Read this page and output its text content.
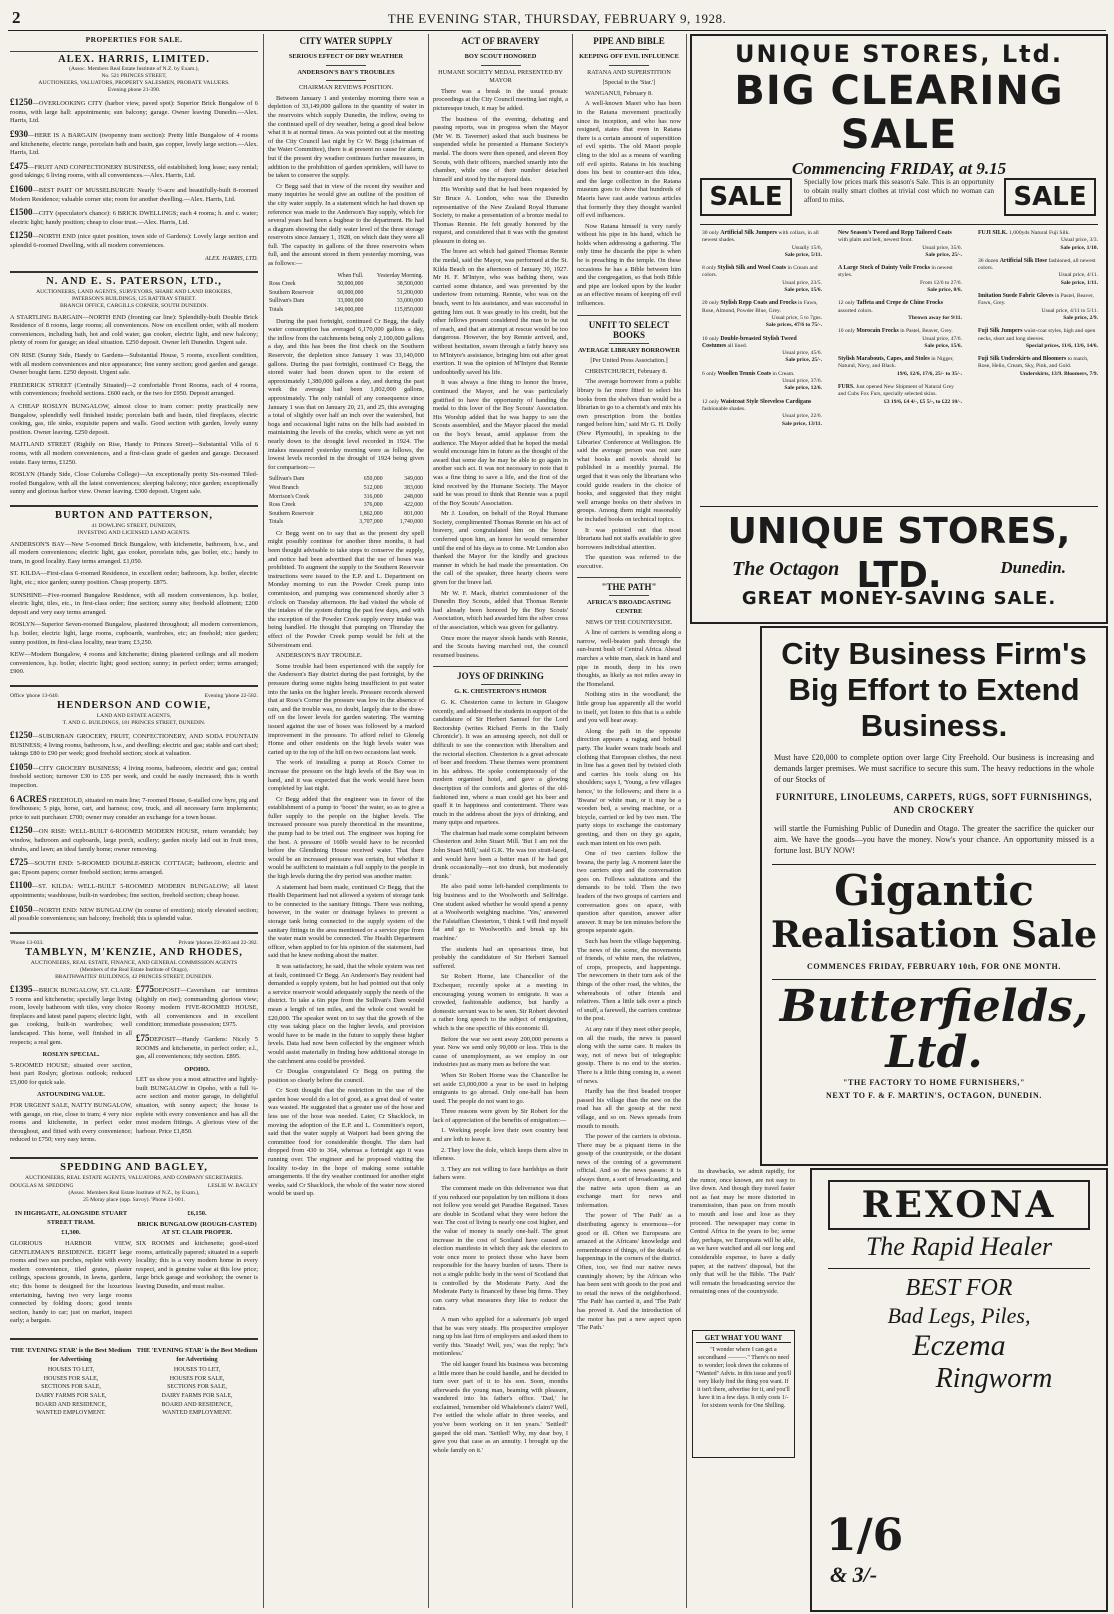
2	THE EVENING STAR, THURSDAY, FEBRUARY 9, 1928.
PROPERTIES FOR SALE.
ALEX. HARRIS, LIMITED.
(Assoc. Members Real Estate Institute of N.Z. by Exam.),
No. 521 PRINCES STREET,
AUCTIONEERS, VALUATORS, PROPERTY SALESMEN, PROBATE VALUERS.
Evening phone 21-390.
£1250—OVERLOOKING CITY (harbor view, paved spot): Superior Brick Bungalow of 6 rooms, with large hall: appointments; sun balcony; garage. Owner leaving Dunedin.—Alex. Harris, Ltd.
£930—HERE IS A BARGAIN (twopenny tram section): Pretty little Bungalow of 4 rooms and kitchenette, electric range, porcelain bath and basin, gas copper, lovely large section.—Alex. Harris, Ltd.
£475—FRUIT AND CONFECTIONERY BUSINESS, old established; long lease; easy rental; good takings; 6 living rooms, with all conveniences.—Alex. Harris, Ltd.
£1600—BEST PART OF MUSSELBURGH: Nearly ½-acre and beautifully-built 8-roomed Modern Residence; valuable corner site; room for another dwelling.—Alex. Harris, Ltd.
£1500—CITY (speculator's chance): 6 BRICK DWELLINGS; each 4 rooms; h. and c. water; electric light; handy position; cheap to close trust.—Alex. Harris, Ltd.
£1250—NORTH END (nice quiet position, town side of Gardens): Lovely large section and splendid 6-roomed Dwelling, with all modern conveniences.
ALEX. HARRIS, LTD.
N. AND E. S. PATERSON, LTD.,
AUCTIONEERS, LAND AGENTS, SURVEYORS, SHARE AND LAND BROKERS,
PATERSON'S BUILDINGS, 125 RATTRAY STREET.
BRANCH OFFICE, CARGILLS CORNER, SOUTH DUNEDIN.
A STARTLING BARGAIN—NORTH END (fronting car line): Splendidly-built Double Brick Residence of 8 rooms, large rooms; all conveniences. Now on excellent order, with all modern conveniences, including bath, hot and cold water, gas cooker, electric light, and new balcony; plenty of room for garage; an ideal situation. £250 deposit. Owner left Dunedin. Urgent sale.
ON RISE (Sunny Side, Handy to Gardens—Substantial House, 5 rooms, excellent condition, with all modern conveniences and nice appearance; fine sunny section; good garden and garage. Owner bought farm. £250 deposit. Urgent sale.
FREDERICK STREET (Centrally Situated)—2 comfortable Front Rooms, each of 4 rooms, with conveniences; freehold sections. £600 each, or the two for £950. Deposit arranged.
A CHEAP ROSLYN BUNGALOW, almost close to tram corner: pretty practically new Bungalow, splendidly well finished inside; porcelain bath and basin, tiled fireplaces, electric cooking, gas, tile sinks, exquisite papers and walls. Good section with garden, lovely sunny position. Owner leaving. £250 deposit.
MAITLAND STREET (Rightly on Rise, Handy to Princes Street)—Substantial Villa of 6 rooms, with all modern conveniences, and a first-class grade of garden and garage. Deceased estate. Easy terms, £1250.
ROSLYN (Handy Side, Close Columba College)—An exceptionally pretty Six-roomed Tiled-roofed Bungalow, with all the latest conveniences; sleeping balcony; nice garden; exceptionally sunny and glorious harbor view. Owner leaving. £300 deposit. Urgent sale.
BURTON AND PATTERSON,
41 DOWLING STREET, DUNEDIN,
INVESTING AND LICENSED LAND AGENTS.
ANDERSON'S BAY—New 5-roomed Brick Bungalow, with kitchenette, bathroom, h.w., and all modern conveniences; electric light, gas cooker, porcelain tubs, gas boiler, etc.; handy to tram, in good locality. Easy terms arranged. £1,050.
ST. KILDA—First-class 6-roomed Residence, in excellent order; bathroom, h.p. boiler, electric light, etc.; nice garden; sunny position. Cheap property. £875.
SUNSHINE—Five-roomed Bungalow Residence, with all modern conveniences, h.p. boiler, electric light, tiles, etc., in first-class order; fine section; sunny site; freehold allotment; £200 deposit and very easy terms arranged.
ROSLYN—Superior Seven-roomed Bungalow, plastered throughout; all modern conveniences, h.p. boiler, electric light, large rooms, cupboards, wardrobes, etc; an freehold; nice garden; sunny position, in first-class locality, near tram; £3,250.
KEW—Modern Bungalow, 4 rooms and kitchenette; dining plastered ceilings and all modern conveniences, h.p. boiler, electric light; good section; sunny; in perfect order; terms arranged; £900.
Office 'phone 13-640.	Evening 'phone 22-582.
HENDERSON AND COWIE,
LAND AND ESTATE AGENTS,
T. AND G. BUILDINGS, 181 PRINCES STREET, DUNEDIN.
£1250—SUBURBAN GROCERY, FRUIT, CONFECTIONERY, AND SODA FOUNTAIN BUSINESS; 4 living rooms, bathroom, h.w., and dwelling; electric and gas; stable and cart shed; takings £80 to £90 per week; good freehold section; stock at valuation.
£1050—CITY GROCERY BUSINESS; 4 living rooms, bathroom, electric and gas; central freehold section; turnover £30 to £35 per week, and could be easily increased; this is worth inspection.
6 ACRES FREEHOLD, situated on main line; 7-roomed House, 6-stalled cow byre, pig and fowlhouses; 5 pigs, horse, cart, and harness; cow, truck, and all necessary farm implements; price to suit purchaser. £700; owner may consider an exchange for a town house.
£1250—ON RISE: WELL-BUILT 6-ROOMED MODERN HOUSE, return verandah; bay window, bathroom and cupboards, large porch, scullery; garden nicely laid out in fruit trees, shrubs, and lawn; an ideal family home; owner removing.
£725—SOUTH END: 5-ROOMED DOUBLE-BRICK COTTAGE; bathroom, electric and gas; Epsom papers; corner freehold section; terms arranged.
£1100—ST. KILDA: WELL-BUILT 5-ROOMED MODERN BUNGALOW; all latest appointments; washhouse, built-in wardrobes; fine section, freehold section; cheap house.
£1050—NORTH END: NEW BUNGALOW (in course of erection); nicely elevated section; all possible conveniences; sun balcony; freehold; this is splendid value.
'Phone 13-033.	Private 'phones 22-463 and 22-382.
TAMBLYN, M'KENZIE, AND RHODES,
AUCTIONEERS, REAL ESTATE, FINANCE, AND GENERAL COMMISSION AGENTS
(Members of the Real Estate Institute of Otago),
BRAITHWAITES' BUILDINGS, 42 PRINCES STREET, DUNEDIN.
£1395—BRICK BUNGALOW, ST. CLAIR: 5 rooms and kitchenette; specially large living room, lovely bathroom with tiles, very choice fireplaces and latest panel papers; electric light, gas cooking, built-in wardrobes; well landscaped. This home, well finished in all respects; a real gem.
ROSLYN SPECIAL.
5-ROOMED HOUSE; situated over section, best part Roslyn; glorious outlook; reduced £5,000 for quick sale.
ASTOUNDING VALUE.
FOR URGENT SALE, NATTY BUNGALOW, with garage, on rise, close to tram; 4 very nice rooms and kitchenette, in perfect order throughout, and fitted with every convenience; reduced to £750; very easy terms.
£775DEPOSIT—Caversham car terminus (slightly on rise); commanding glorious view; Roomy modern FIVE-ROOMED HOUSE, with all conveniences and in excellent condition; immediate possession; £975.
£75DEPOSIT—Handy Gardens: Nicely 5 ROOMS and kitchenette, in perfect order; e.l., gas, all conveniences; tidy section. £895.
OPOHO.
LET us show you a most attractive and lightly-built BUNGALOW in Opoho, with a full ¼-acre section and motor garage, in delightful situation, with sunny aspect; the house is replete with every convenience and has all the most modern fittings. A glorious view of the harbour. Price £1,850.
SPEDDING AND BAGLEY,
AUCTIONEERS, REAL ESTATE AGENTS, VALUATORS, AND COMPANY SECRETARIES.
DOUGLAS M. SPEDDING	LESLIE W. BAGLEY
(Assoc. Members Real Estate Institute of N.Z., by Exam.),
25 Moray place (opp. Savoy). 'Phone 13-001.
IN HIGHGATE, ALONGSIDE STUART STREET TRAM.
£1,300.
GLORIOUS HARBOR VIEW, GENTLEMAN'S RESIDENCE. EIGHT large rooms and two sun porches, replete with every modern convenience, tiled grates, plaster ceilings, spacious grounds, in lawns, gardens, etc; this home is designed for the luxurious entertaining, having two very large rooms connected by folding doors; good tennis section, handy to car; just on market, inspect early; a bargain.
£6,150.
BRICK BUNGALOW (ROUGH-CASTED) AT ST. CLAIR PROPER.
SIX ROOMS and kitchenette; good-sized rooms, artistically papered; situated in a superb locality; this is a very modern home in every respect, and is genuine value at this low price; large brick garage and workshop; the owner is leaving Dunedin, and must realise.
THE 'EVENING STAR' is the Best Medium for Advertising
HOUSES TO LET,
HOUSES FOR SALE,
SECTIONS FOR SALE,
DAIRY FARMS FOR SALE,
BOARD AND RESIDENCE,
WANTED EMPLOYMENT.
THE 'EVENING STAR' is the Best Medium for Advertising
HOUSES TO LET,
HOUSES FOR SALE,
SECTIONS FOR SALE,
DAIRY FARMS FOR SALE,
BOARD AND RESIDENCE,
WANTED EMPLOYMENT.
CITY WATER SUPPLY
SERIOUS EFFECT OF DRY WEATHER
ANDERSON'S BAY'S TROUBLES
CHAIRMAN REVIEWS POSITION.

Between January 1 and yesterday morning there was a depletion of 33,149,000 gallons in the quantity of water in the reservoirs which supply Dunedin, the inflow, owing to the continued spell of dry weather, being a good deal below what it is at normal times. As was pointed out at the meeting of the City Council last night by Cr W. Begg (chairman of the Water Committee), there is at present no cause for alarm, but if the present dry weather continues further measures, in addition to the prohibition of garden sprinklers, will have to be taken to conserve the supply.

Cr Begg said that in view of the recent dry weather and many inquiries he would give an outline of the position of the city water supply. In a statement which he had drawn up reference was made to the Anderson's Bay supply, which for several years had been a bugbear to the department. He had a diagram showing the daily water level of the three storage reservoirs since January 1, 1928, on which date they were all full. The capacity in gallons of the three reservoirs when full, and the amount stored in them yesterday morning, was as follows:—

	When Full.	Yesterday Morning.
Ross Creek	50,000,000	38,500,000
Southern Reservoir	60,000,000	51,200,000
Sullivan's Dam	33,000,000	33,000,000
Totals	149,000,000	115,850,000

During the past fortnight, continued Cr Begg, the daily water consumption has averaged 6,170,000 gallons a day, the inflow from the catchments being only 2,100,000 gallons a day, and this has been the first check on the Southern Reservoir, the depletion since January 1 was 33,140,000 gallons. During the past fortnight, continued Cr Begg, the stored water had been drawn upon to the extent of approximately 1,380,000 gallons a day, and during the past week the average had been 1,802,000 gallons, approximately. The only rainfall of any consequence since January 1 was that on January 20, 21, and 25, this averaging a total of slightly over half an inch over the watershed, but bogs and occasional light rains on the hills had assisted in maintaining the levels of the creeks, which were as yet not nearly down to the drought level recorded in 1924. The intakes measured yesterday morning were as follows, the lowest levels recorded in the drought of 1924 being given for comparison:—

Sullivan's Dam	650,000	349,000
West Branch	512,000	383,000
Morrison's Creek	316,000	248,000
Ross Creek	376,000	422,000
Southern Reservoir	1,862,000	801,000
Totals	3,707,000	1,740,000

Cr Begg went on to say that as the present dry spell might possibly continue for another three months, it had been thought advisable to take steps to conserve the supply, and notice had been advertised that the use of hoses was prohibited. To augment the supply to the Southern Reservoir instructions were issued to the E.P. and L. Department on Monday morning to run the Powder Creek pump into commission, and pumping was commenced shortly after 3 o'clock on Tuesday afternoon. He had visited the whole of the intakes of the system during the past few days, and with the exception of the Powder Creek supply every intake was being handled. He thought that pumping on Thursday the effect of the Powder Creek pump would be felt at the Silverstream end.

ANDERSON'S BAY TROUBLE.

Some trouble had been experienced with the supply for the Anderson's Bay district during the past fortnight, by the pressure during some nights being insufficient to put water into the tanks on the higher levels. Pressure records showed that at Ross's Corner the pressure was low in the absence of rain, and the trouble was, no doubt, largely due to the draw-off on the lower levels for garden watering. The warning issued against the use of hoses was followed by a marked improvement in the pressure. To afford relief to Glenelg Home and other residents on the high levels water was carted up to the top of the hill on two occasions last week.

The work of installing a pump at Ross's Corner to increase the pressure on the high levels of the Bay was in hand, and it was expected that the work would have been completed by last night.

Cr Begg added that the engineer was in favor of the establishment of a pump to ‘boost’ the water, so as to give a fuller supply to the people on the higher levels. The increased pressure was purely theoretical in the meantime, the pump had to be tried out. The engineer was hoping for the best. A pressure of 160lb would have to be recorded before the Glendining House received water. That there would be an increased pressure was certain, but whether it would be sufficient to maintain a full supply to the people in the high levels during the dry period was another matter.

A statement had been made, continued Cr Begg, that the Health Department had not allowed a system of storage tank to be connected to the sanitary fittings. There was nothing, however, in the water or drainage bylaws to prevent a storage tank being connected to the supply system of the sanitary fittings in the area mentioned or a service pipe from the water main would be connected. The Health Department officer, when applied to for his opinion of the statement, had said that he knew nothing about the matter.

It was satisfactory, he said, that the whole system was not at fault, continued Cr Begg. An Anderson's Bay resident had demanded a supply system, but he had pointed out that only a service reservoir would adequately supply the needs of the district. To take a 6in pipe from the Sullivan's Dam would mean a length of ten miles, and the whole cost would be £20,000. The speaker went on to say that the growth of the city was taking place on the higher levels, and provision would have to be made in the future to supply these higher levels. Data had now been collected by the engineer which would assist materially in finding how additional storage in the catchment area could be provided.

Cr Douglas congratulated Cr Begg on putting the position so clearly before the council.

Cr Scott thought that the restriction in the use of the garden hose would do a lot of good, as a great deal of water was wasted. He suggested that a greater use of the hose and less use of the hose was needed. Later, Cr Shacklock, in moving the adoption of the E.P. and L. Committee's report, said that the water supply at Waipori had been giving the committee food for considerable thought. The dam had dropped from 430 to 364, whereas a fortnight ago it was running over. The engineer and he proposed visiting the locality to-day in the hope of making some suitable arrangements. If the dry weather continued for another eight weeks, said Cr Shacklock, the whole of the water now stored would be used up.

ACT OF BRAVERY
BOY SCOUT HONORED
HUMANE SOCIETY MEDAL PRESENTED BY MAYOR

There was a break in the usual prosaic proceedings at the City Council meeting last night, a picturesque touch, it may be added.

The business of the evening, debating and passing reports, was in progress when the Mayor (Mr W. B. Taverner) asked that such business be suspended while he presented a Humane Society's medal. The doors were then opened, and eleven Boy Scouts, with their officers, marched smartly into the chamber, while one of their number detached himself and stood by the mayoral dais.

His Worship said that he had been requested by Sir Bruce A. London, who was the Dunedin representative of the New Zealand Royal Humane Society, to make a presentation of a bronze medal to Thomas Rennie. He felt greatly honored by the request, and considered that it was with the greatest pleasure in doing so.

The brave act which had gained Thomas Rennie the medal, said the Mayor, was performed at the St. Kilda Beach on the afternoon of January 30, 1927. Mr H. F. M'Intyre, who was bathing there, was carried some distance, and was prevented by the undertow from returning. Rennie, who was on the beach, went to his assistance, and was successful in getting him out. It was greatly to his credit, but the other fellows present considered the man to be out of reach, and that an attempt at rescue would be too dangerous. However, the boy Rennie arrived, and, without hesitation, swam through a fairly heavy sea to M'Intyre's assistance, bringing him out after great exertion. It was the opinion of M'Intyre that Rennie undoubtedly saved his life.

It was always a fine thing to honor the brave, continued the Mayor, and he was particularly gratified to have the opportunity of handing the medal to this lover of the Boy Scouts' Association. His Worship added that he was happy to see the Scouts assembled, and the Mayor placed the medal on the boy's breast, amid applause from the audience. The Mayor added that he hoped the medal would encourage him in future as the thought of the award that some day he may be able to go again in another such act. It was not necessary to note that it was a fine thing to save a life, and the first of the kind received by the Humane Society. The Mayor said he was proud to think that Rennie was a pupil of the Boy Scouts' Association.

Mr J. Loudon, on behalf of the Royal Humane Society, complimented Thomas Rennie on his act of bravery, and congratulated him on the honor conferred upon him, an honor he would remember until the end of his days as to come. Mr London also thanked the Mayor for the kindly and gracious manner in which he had made the presentation. On the call of the speaker, three hearty cheers were given for the brave lad.

Mr W. F. Mack, district commissioner of the Dunedin Boy Scouts, added that Thomas Rennie had already been honored by the Boy Scouts' Association, which had awarded him the silver cross of the association, which was given for gallantry.

Once more the mayor shook hands with Rennie, and the Scouts having marched out, the council resumed business.

JOYS OF DRINKING
G. K. CHESTERTON'S HUMOR

G. K. Chesterton came to lecture in Glasgow recently, and addressed the students in support of the candidature of Sir Herbert Samuel for the Lord Rectorship (writes Richard Ferris in the 'Daily Chronicle'). It was an amusing speech, not dull or difficult to see the connection with liberalism and the rectorial election. Chesterton is a great advocate of beer and freedom. These themes were prominent in his address. He spoke contemptuously of the modern organised hotel, and gave a glowing description of the comforts and glories of the old-fashioned inn, where a man could get his beer and quaff it in happiness and contentment. There was much in the address about the joys of drinking, and many quips and repartees.

The chairman had made some complaint between Chesterton and John Stuart Mill. 'But I am not the John Stuart Mill,' said G.K. 'He was too strait-laced, and would have been a better man if he had got drunk occasionally—not too drunk, but moderately drunk.'

He also paid some left-handed compliments to big business and to the Woolworth and Selfridge. One student asked whether he would spend a penny at a Woolworth weighing machine. 'Yes,' answered the Falstaffian Chesterton, 'I think I will find myself fat and go to Woolworth's and break up his machine.'

The students had an uproarious time, but probably the candidature of Sir Herbert Samuel suffered.

Sir Robert Horne, late Chancellor of the Exchequer, recently spoke at a meeting in encouraging young women to emigrate. It was a crowded, fashionable audience, but hardly a domestic servant was to be seen. Sir Robert devoted a rather long speech to the subject of emigration, which is the one specific of this economic ill.

Before the war we sent away 200,000 persons a year. Now we send only 90,000 or less. This is the cause of unemployment, as we employ in our industries just as many men as before the war.

When Sir Robert Horne was the Chancellor he set aside £3,000,000 a year to be used in helping emigrants to go abroad. Only one-half has been used. The people do not want to go.

Three reasons were given by Sir Robert for the lack of appreciation of the benefits of emigration:—

1. Working people love their own country best and are loth to leave it.

2. They love the dole, which keeps them alive in idleness.

3. They are not willing to face hardships as their fathers were.

The comment made on this deliverance was that if you reduced our population by ten millions it does not follow you would get Paradise Regained. Taxes are double in Scotland what they were before the war. The cost of living is nearly one cost higher, and the value of money is nearly one-half. The great increase in the cost of Scotland have caused an election manifesto in which they ask the electors to vote once more to protect those who have been responsible for the heavy burden of taxes. There is not a single public body in the west of Scotland that is controlled by the Moderate Party. And the Moderate Party is financed by these big firms. They can carry what measures they like to reduce the rates.

A man who applied for a salesman's job urged that he was very steady. His prospective employer rang up his last firm of employers and asked them to verify this. 'Steady! Well, yes,' was the reply; 'he's motionless.'

The old kauger found his business was becoming a little more than he could handle, and he decided to turn over part of it to his son. Soon, months afterwards the young man, beaming with pleasure, wandered into his father's office. 'Dad,' he exclaimed, 'remember old Whalebone's claim? Well, I've settled the whole affair in three weeks, and you've been working on it ten years.' 'Settled!' gasped the old man. 'Settled! Why, my dear boy, I gave you that case as an annuity. I brought up the whole family on it.'

PIPE AND BIBLE
KEEPING OFF EVIL INFLUENCE
RATANA AND SUPERSTITION
[Special to the 'Star.']

WANGANUI, February 8.

A well-known Maori who has been in the Ratana movement practically since its inception, and who has now resigned, states that even in Ratana there is a certain amount of superstition of evil spirits. The old Maori people cling to the idol as a means of warding off evil spirits. Ratana in his teaching does his best to counter-act this idea, and the large collection in the Ratana museum goes to show that hundreds of Maoris have cast aside various articles that formerly they they thought warded off evil influences.

Now Ratana himself is very rarely without his pipe in his hand, which he holds when addressing a gathering. The only time he discards the pipe is when he is preaching in the temple. On these occasions he has a Bible between him and the congregation, so that both Bible and pipe are looked upon by the leader as an effective means of keeping off evil influences.

UNFIT TO SELECT BOOKS
AVERAGE LIBRARY BORROWER
[Per United Press Association.]

CHRISTCHURCH, February 8.

'The average borrower from a public library is far more fitted to select his books from the shelves than would be a librarian to go to a chemist's and mix his own prescription from the bottles ranged before him,' said Mr G. H. Dolly (New Plymouth), in speaking to the Libraries' Conference at Wellington. He said the average person was not sure what books and novels should be published in a monthly journal. He urged that it was only the librarians who could guide readers in the choice of books, and suggested that they might well arrange books on their shelves in groups. Among them might reasonably be included books on technical topics.

It was pointed out that most librarians had not staffs available to give borrowers individual attention.

The question was referred to the executive.

"THE PATH"
AFRICA'S BROADCASTING CENTRE
NEWS OF THE COUNTRYSIDE.

A line of carriers is wending along a narrow, well-beaten path through the sun-burnt bush of Central Africa. Ahead marches a white man, slack in hand and pipe in mouth, deep in his own thoughts, as likely as not miles away in the Homeland.

Nothing stirs in the woodland; the little group has apparently all the world to itself, yet listen to this that is a subtle and you will hear away.

Along the path in the opposite direction appears a ragtag and bobtail party. The leader wears trade beads and clothing that European clothes, the next in line has a gown tied by twisted cloth and carries his tools slung on his shoulders; says I, 'Young, a few villages hence,' to the followers; and there is a 'Bwana' or white man, or it may be a wooden bed, a sewing machine, or a bicycle, carried or led by two men. The party stops to exchange the customary greeting, and then on they go again, each man intent on his own path.

One of two carriers follow the bwana, the party lag. A moment later the two carriers stop and the conversation goes on. Follows salutations and the demands to be told. Then the two leaders of the two groups of carriers and conversation goes on apace, with question after question, answer after answer. It may be ten minutes before the groups separate again.

Such has been the village happening. The news of the scene, the movements of friends, of white men, the relatives, of crops, prospects, and happenings. The newcomers in their turn ask of the things of the other road, the whites, the whereabouts of other friends and relatives. Then a little talk over a pinch of snuff, a farewell, the carriers continue to the post.

At any rate if they meet other people, on all the roads, the news is passed along with the same care. It makes its way, not of news but of telegraphic gossip. There is no end to the stories. There is a little thing coming in, a sweet of news.

Hardly has the first beaded trooper passed his village than the new on the road has all the gossip at the next village, and so on. News spreads from mouth to mouth.

The power of the carriers is obvious. There may be a piquant items in the gossip of the countryside, or the distant news of the coming of a government official. And so the news passes: it is always there, a sort of broadcasting, and the native sets upon them as an exchange mart for news and information.

The power of 'The Path' as a distributing agency is enormous—for good or ill. Often we Europeans are amazed at the Africans' knowledge and remembrance of things, of the details of happenings in the corners of the district. Often, too, we find our native news cunningly shown; by the African who has been sent with goods to the post and to retail the news of the neighborhood. 'The Path' has carried it, and 'The Path' has proved it. And the introduction of the motor has put a new aspect upon 'The Path.'

UNIQUE STORES, Ltd.
BIG CLEARING SALE
Commencing FRIDAY, at 9.15
SALE	SALE
Specially low prices mark this season's Sale. This is an opportunity to obtain really smart clothes at trivial cost which no woman can afford to miss.
30 only Artificial Silk Jumpers with collars, in all newest shades.
Usually 15/6,
Sale price, 5/11.
8 only Stylish Silk and Wool Coats in Cream and colors.
Usual price, 23/5.
Sale price, 15/6.
20 only Stylish Repp Coats and Frocks in Fawn, Rose, Almond, Powder Blue, Grey.
Usual price, 5 to 7gns.
Sale prices, 47/6 to 75/-.
10 only Double-breasted Stylish Tweed Costumes all lined.
Usual price, 45/6.
Sale price, 25/-.
6 only Woollen Tennis Coats in Cream.
Usual price, 37/6.
Sale price, 12/6.
12 only Waistcoat Style Sleeveless Cardigans fashionable shades.
Usual price, 22/6.
Sale price, 13/11.
New Season's Tweed and Repp Tailored Coats with plaits and belt, newest front.
Usual price, 35/6.
Sale price, 25/-.
A Large Stock of Dainty Voile Frocks in newest styles.
From 12/6 to 27/6.
Sale price, 8/6.
12 only Taffeta and Crepe de Chine Frocks assorted colors.
Thrown away for 9/11.
10 only Morocain Frocks in Pastel, Beaver, Grey.
Usual price, 47/6.
Sale price, 15/6.
Stylish Marabouts, Capes, and Stoles in Nigger, Natural, Navy, and Black.
19/6, 12/6, 17/6, 25/- to 35/-.
FURS. Just opened New Shipment of Natural Grey and Cubs Fox Furs, specially selected skins.
£3 19/6, £4 4/-, £5 5/-, to £22 10/-.
FUJI SILK. 1,000yds Natural Fuji Silk.
Usual price, 3/3.
Sale price, 1/10.
36 dozen Artificial Silk Hose fashioned, all newest colors.
Usual price, 4/11.
Sale price, 1/11.
Imitation Suede Fabric Gloves in Pastel, Beaver, Fawn, Grey.
Usual price, 4/11 to 5/11.
Sale price, 2/9.
Fuji Silk Jumpers waist-coat styles, high and open necks, short and long sleeves.
Special prices, 11/6, 13/6, 14/6.
Fuji Silk Underskirts and Bloomers to match, Rose, Helio, Cream, Sky, Pink, and Gold.
Underskirts, 13/9. Bloomers, 7/9.
UNIQUE STORES, LTD.
The Octagon	Dunedin.
GREAT MONEY-SAVING SALE.
City Business Firm's Big Effort to Extend Business.
Must have £20,000 to complete option over large City Freehold. Our business is increasing and demands larger premises. We must sacrifice to secure this sum. The heavy reductions in the whole of our Stocks of
FURNITURE, LINOLEUMS, CARPETS, RUGS, SOFT FURNISHINGS, AND CROCKERY
will startle the Furnishing Public of Dunedin and Otago. The greater the sacrifice the quicker our aim. We have the goods—you have the money. Now's your chance. An opportunity missed is a fortune lost. BUY NOW!
Gigantic
Realisation Sale
COMMENCES FRIDAY, FEBRUARY 10th, FOR ONE MONTH.
Butterfields, Ltd.
"THE FACTORY TO HOME FURNISHERS,"
NEXT TO F. & F. MARTIN'S, OCTAGON, DUNEDIN.

its drawbacks, we admit rapidly, for the rumor, once known, are not easy to live down. And though they travel faster not as fast may be more distorted in transmission, than pass on from mouth to mouth and lose and lose as they proceed. The newspaper may come in Central Africa in the years to be; some day, perhaps, we Europeans will be able, as we have watched and all our long and considerable expense, to have a daily paper, at the natives' disposal, but the only that will be the Bible. 'The Path' will remain the broadcasting service the remaining ones of the countryside.

GET WHAT YOU WANT
"I wonder where I can get a secondhand ———." There's no need to wonder; look down the columns of "Wanted" Advts. in this issue and you'll very likely find the thing you want. If it isn't there, advertise for it, and you'll have it in a few days. It only costs 1/- for sixteen words for One Shilling.
REXONA
The Rapid Healer
BEST FOR
Bad Legs, Piles,
Eczema
Ringworm
1/6
& 3/-
